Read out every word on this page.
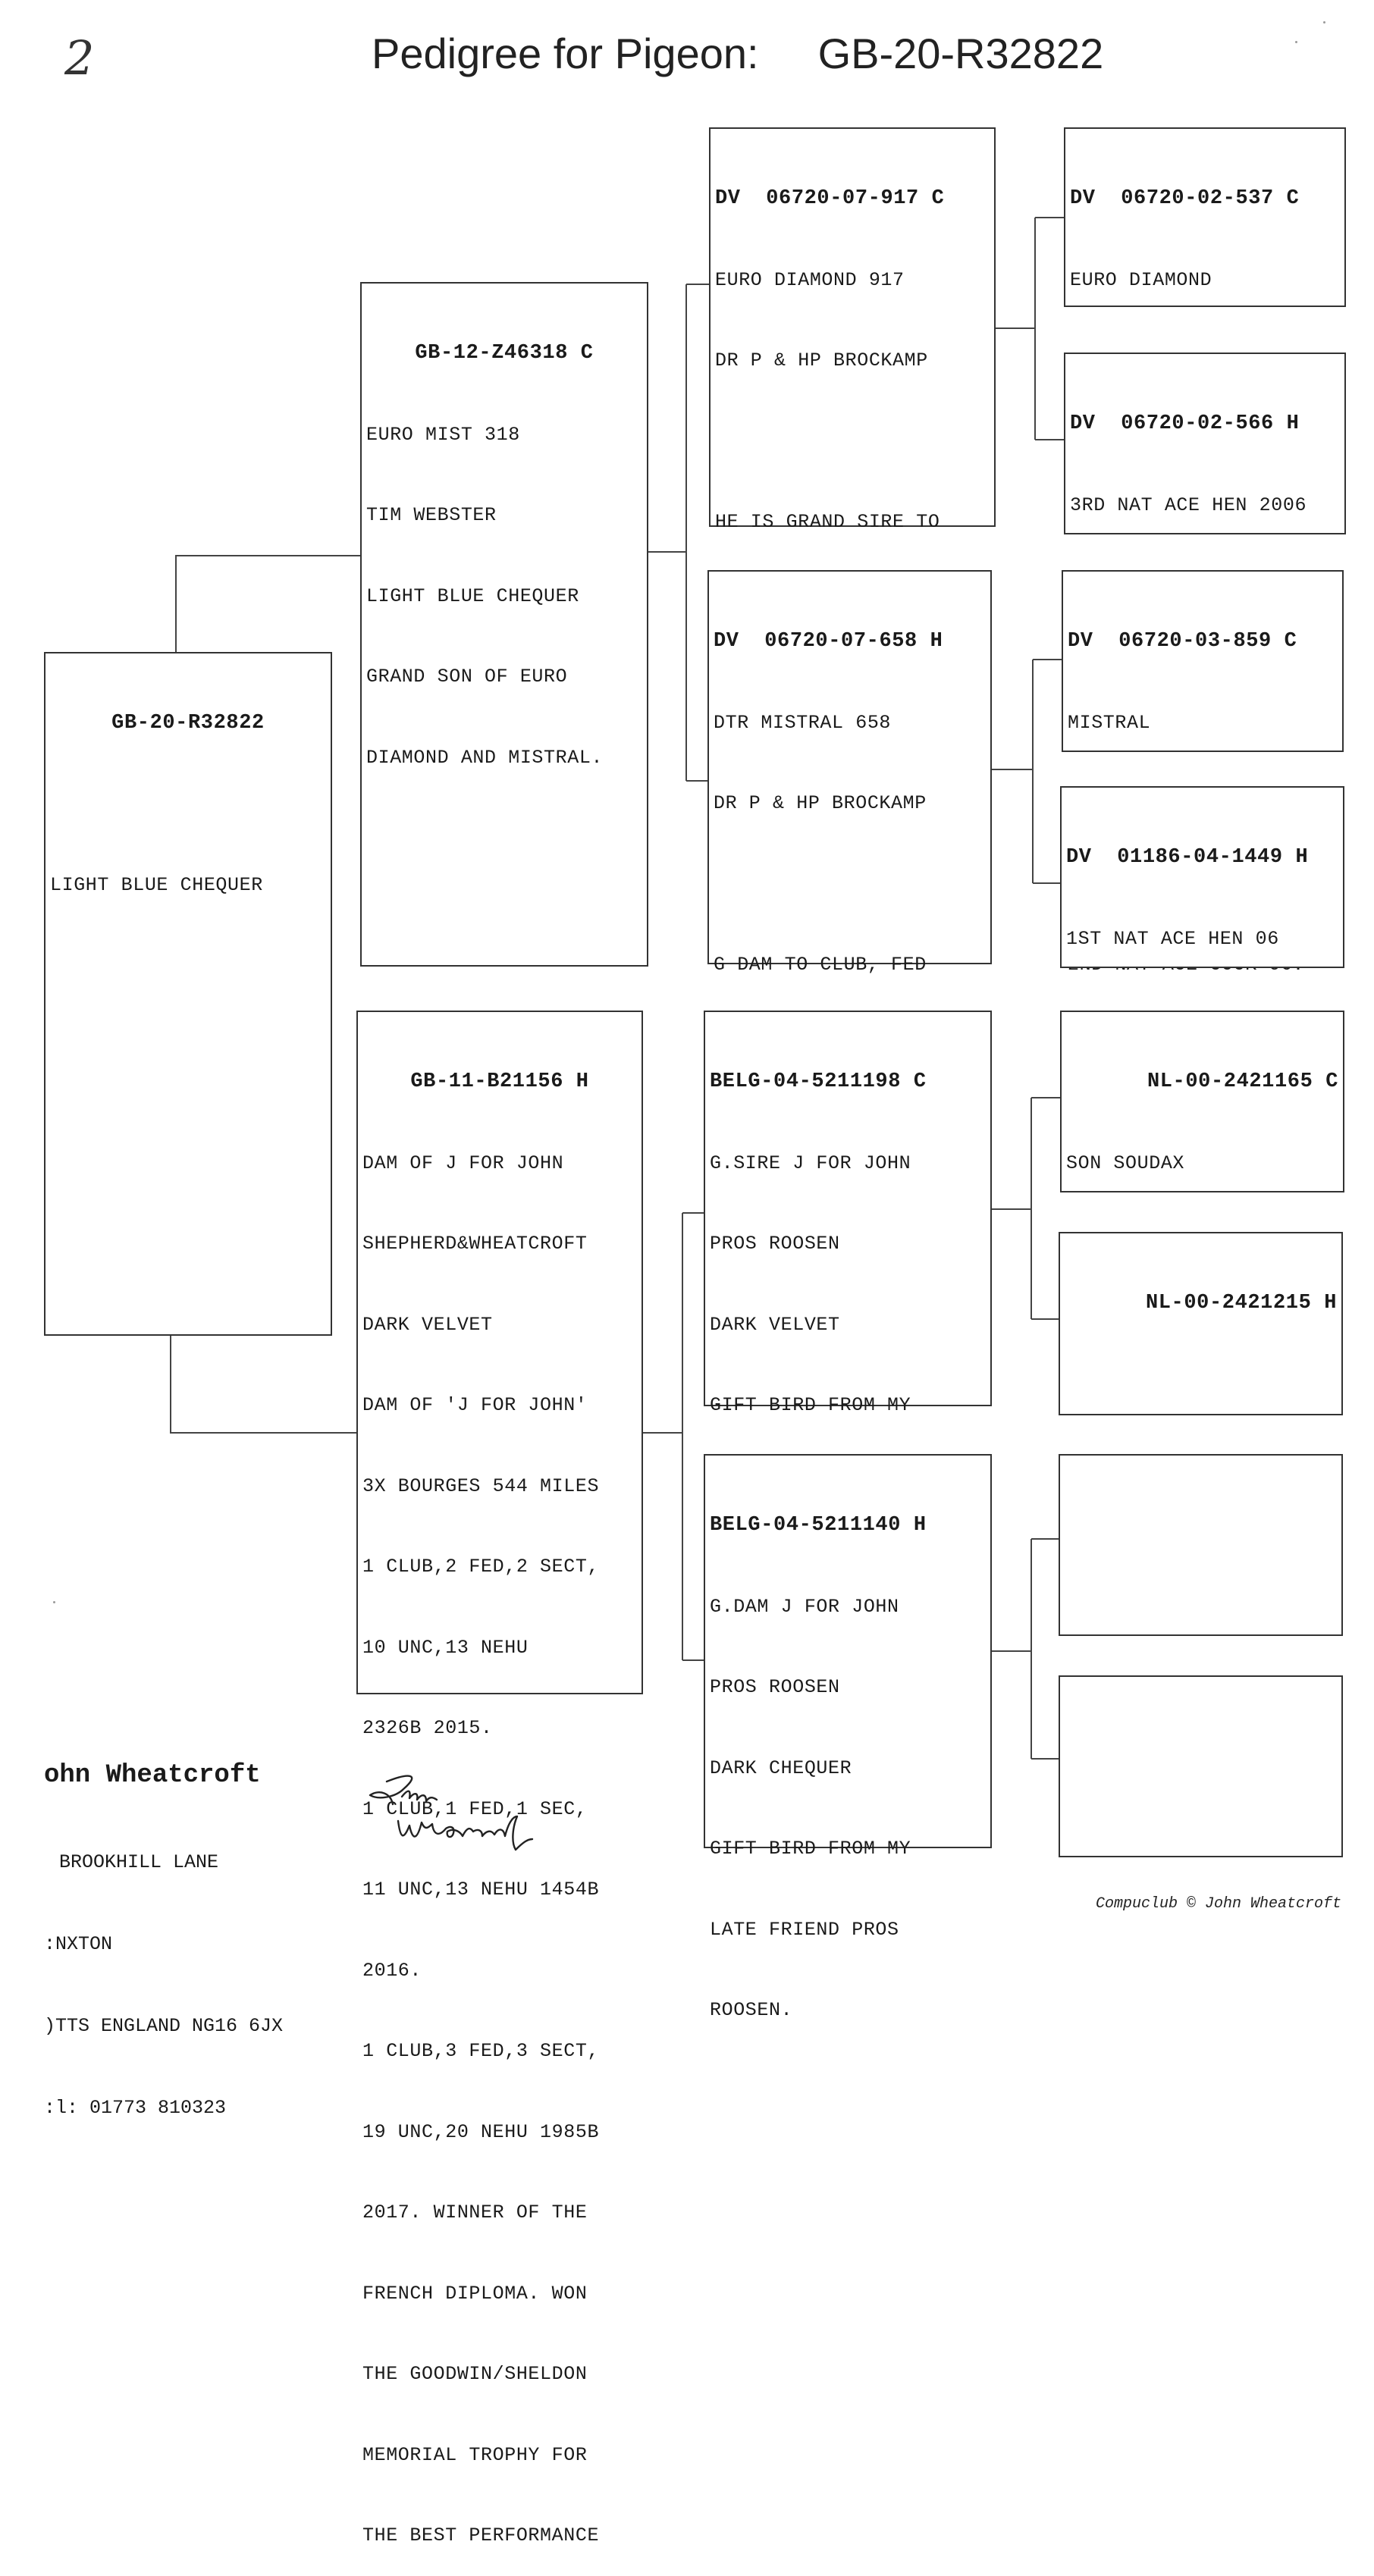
2	Pedigree for Pigeon: GB-20-R32822

GB-20-R32822

LIGHT BLUE CHEQUER

GB-12-Z46318 C

EURO MIST 318

TIM WEBSTER

LIGHT BLUE CHEQUER

GRAND SON OF EURO

DIAMOND AND MISTRAL.

GB-11-B21156 H

DAM OF J FOR JOHN

SHEPHERD&WHEATCROFT

DARK VELVET

DAM OF 'J FOR JOHN'

3X BOURGES 544 MILES

1 CLUB,2 FED,2 SECT,

10 UNC,13 NEHU

2326B 2015.

1 CLUB,1 FED,1 SEC,

11 UNC,13 NEHU 1454B

2016.

1 CLUB,3 FED,3 SECT,

19 UNC,20 NEHU 1985B

2017. WINNER OF THE

FRENCH DIPLOMA. WON

THE GOODWIN/SHELDON

MEMORIAL TROPHY FOR

THE BEST PERFORMANCE

DV 06720-07-917 C

EURO DIAMOND 917

DR P & HP BROCKAMP

HE IS GRAND SIRE TO

DV 06720-07-658 H

DTR MISTRAL 658

DR P & HP BROCKAMP

G DAM TO CLUB, FED

BELG-04-5211198 C

G.SIRE J FOR JOHN

PROS ROOSEN

DARK VELVET

GIFT BIRD FROM MY

BELG-04-5211140 H

G.DAM J FOR JOHN

PROS ROOSEN

DARK CHEQUER

GIFT BIRD FROM MY

LATE FRIEND PROS

ROOSEN.

DV 06720-02-537 C

EURO DIAMOND

DV 06720-02-566 H

3RD NAT ACE HEN 2006

DV 06720-03-859 C

MISTRAL

DV 01186-04-1449 H

1ST NAT ACE HEN 06

NL-00-2421165 C

SON SOUDAX

NL-00-2421215 H

ohn Wheatcroft

  BROOKHILL LANE

:NXTON

)TTS ENGLAND NG16 6JX

:l: 01773 810323

Compuclub © John Wheatcroft
